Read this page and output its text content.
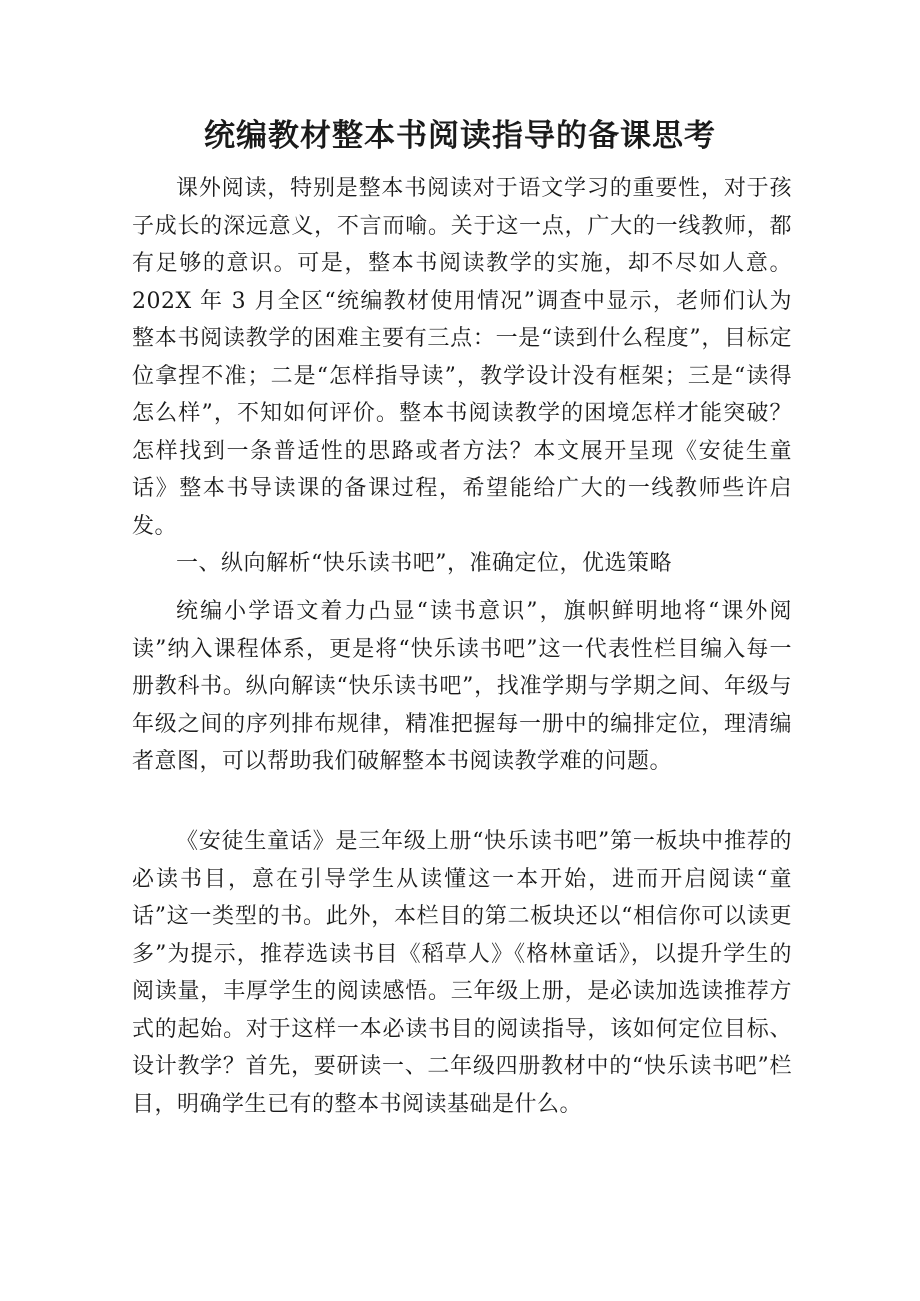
统编教材整本书阅读指导的备课思考

课外阅读，特别是整本书阅读对于语文学习的重要性，对于孩子成长的深远意义，不言而喻。关于这一点，广大的一线教师，都有足够的意识。可是，整本书阅读教学的实施，却不尽如人意。202X 年 3 月全区“统编教材使用情况”调查中显示，老师们认为整本书阅读教学的困难主要有三点：一是“读到什么程度”，目标定位拿捏不准；二是“怎样指导读”，教学设计没有框架；三是“读得怎么样”，不知如何评价。整本书阅读教学的困境怎样才能突破？怎样找到一条普适性的思路或者方法？本文展开呈现《安徒生童话》整本书导读课的备课过程，希望能给广大的一线教师些许启发。

一、纵向解析“快乐读书吧”，准确定位，优选策略

统编小学语文着力凸显“读书意识”，旗帜鲜明地将“课外阅读”纳入课程体系，更是将“快乐读书吧”这一代表性栏目编入每一册教科书。纵向解读“快乐读书吧”，找准学期与学期之间、年级与年级之间的序列排布规律，精准把握每一册中的编排定位，理清编者意图，可以帮助我们破解整本书阅读教学难的问题。

《安徒生童话》是三年级上册“快乐读书吧”第一板块中推荐的必读书目，意在引导学生从读懂这一本开始，进而开启阅读“童话”这一类型的书。此外，本栏目的第二板块还以“相信你可以读更多”为提示，推荐选读书目《稻草人》《格林童话》，以提升学生的阅读量，丰厚学生的阅读感悟。三年级上册，是必读加选读推荐方式的起始。对于这样一本必读书目的阅读指导，该如何定位目标、设计教学？首先，要研读一、二年级四册教材中的“快乐读书吧”栏目，明确学生已有的整本书阅读基础是什么。
